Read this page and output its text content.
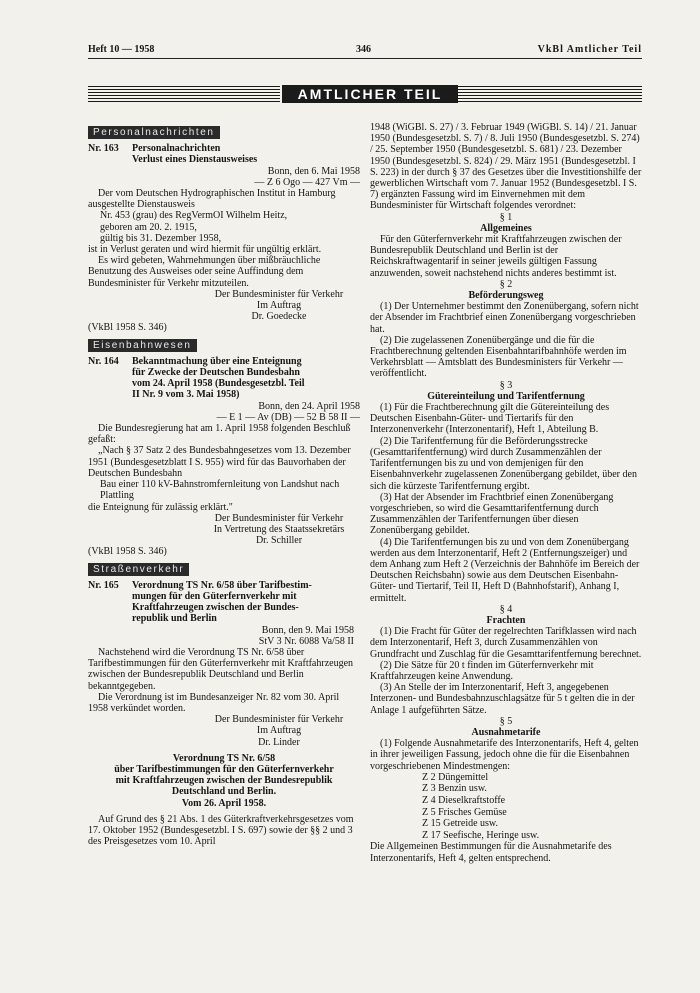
Heft 10 — 1958	346	VkBl Amtlicher Teil
AMTLICHER TEIL
Personalnachrichten
Nr. 163	Personalnachrichten
Verlust eines Dienstausweises
Bonn, den 6. Mai 1958
— Z 6 Ogo — 427 Vm —

Der vom Deutschen Hydrographischen Institut in Hamburg ausgestellte Dienstausweis

Nr. 453 (grau) des RegVermOI Wilhelm Heitz,

geboren am 20. 2. 1915,

gültig bis 31. Dezember 1958,

ist in Verlust geraten und wird hiermit für ungültig erklärt.

Es wird gebeten, Wahrnehmungen über mißbräuchliche Benutzung des Ausweises oder seine Auffindung dem Bundesminister für Verkehr mitzuteilen.

Der Bundesminister für Verkehr
Im Auftrag
Dr. Goedecke

(VkBl 1958 S. 346)

Eisenbahnwesen
Nr. 164	Bekanntmachung über eine Enteignung
für Zwecke der Deutschen Bundesbahn
vom 24. April 1958 (Bundesgesetzbl. Teil
II Nr. 9 vom 3. Mai 1958)
Bonn, den 24. April 1958
— E 1 — Av (DB) — 52 B 58 II —

Die Bundesregierung hat am 1. April 1958 folgenden Beschluß gefaßt:

„Nach § 37 Satz 2 des Bundesbahngesetzes vom 13. Dezember 1951 (Bundesgesetzblatt I S. 955) wird für das Bauvorhaben der Deutschen Bundesbahn

Bau einer 110 kV-Bahnstromfernleitung von Landshut nach Plattling

die Enteignung für zulässig erklärt."

Der Bundesminister für Verkehr
In Vertretung des Staatssekretärs
Dr. Schiller

(VkBl 1958 S. 346)

Straßenverkehr
Nr. 165	Verordnung TS Nr. 6/58 über Tarifbestim-
mungen für den Güterfernverkehr mit
Kraftfahrzeugen zwischen der Bundes-
republik und Berlin
Bonn, den 9. Mai 1958
StV 3 Nr. 6088 Va/58 II

Nachstehend wird die Verordnung TS Nr. 6/58 über Tarifbestimmungen für den Güterfernverkehr mit Kraftfahrzeugen zwischen der Bundesrepublik Deutschland und Berlin bekanntgegeben.

Die Verordnung ist im Bundesanzeiger Nr. 82 vom 30. April 1958 verkündet worden.

Der Bundesminister für Verkehr
Im Auftrag
Dr. Linder
Verordnung TS Nr. 6/58
über Tarifbestimmungen für den Güterfernverkehr
mit Kraftfahrzeugen zwischen der Bundesrepublik
Deutschland und Berlin.
Vom 26. April 1958.

Auf Grund des § 21 Abs. 1 des Güterkraftverkehrsgesetzes vom 17. Oktober 1952 (Bundesgesetzbl. I S. 697) sowie der §§ 2 und 3 des Preisgesetzes vom 10. April

1948 (WiGBl. S. 27) / 3. Februar 1949 (WiGBl. S. 14) / 21. Januar 1950 (Bundesgesetzbl. S. 7) / 8. Juli 1950 (Bundesgesetzbl. S. 274) / 25. September 1950 (Bundesgesetzbl. S. 681) / 23. Dezember 1950 (Bundesgesetzbl. S. 824) / 29. März 1951 (Bundesgesetzbl. I S. 223) in der durch § 37 des Gesetzes über die Investitionshilfe der gewerblichen Wirtschaft vom 7. Januar 1952 (Bundesgesetzbl. I S. 7) ergänzten Fassung wird im Einvernehmen mit dem Bundesminister für Wirtschaft folgendes verordnet:

§ 1
Allgemeines

Für den Güterfernverkehr mit Kraftfahrzeugen zwischen der Bundesrepublik Deutschland und Berlin ist der Reichskraftwagentarif in seiner jeweils gültigen Fassung anzuwenden, soweit nachstehend nichts anderes bestimmt ist.

§ 2
Beförderungsweg

(1) Der Unternehmer bestimmt den Zonenübergang, sofern nicht der Absender im Frachtbrief einen Zonenübergang vorgeschrieben hat.

(2) Die zugelassenen Zonenübergänge und die für die Frachtberechnung geltenden Eisenbahntarifbahnhöfe werden im Verkehrsblatt — Amtsblatt des Bundesministers für Verkehr — veröffentlicht.

§ 3
Gütereinteilung und Tarifentfernung

(1) Für die Frachtberechnung gilt die Gütereinteilung des Deutschen Eisenbahn-Güter- und Tiertarifs für den Interzonenverkehr (Interzonentarif), Heft 1, Abteilung B.

(2) Die Tarifentfernung für die Beförderungsstrecke (Gesamttarifentfernung) wird durch Zusammenzählen der Tarifentfernungen bis zu und von demjenigen für den Eisenbahnverkehr zugelassenen Zonenübergang gebildet, über den sich die kürzeste Tarifentfernung ergibt.

(3) Hat der Absender im Frachtbrief einen Zonenübergang vorgeschrieben, so wird die Gesamttarifentfernung durch Zusammenzählen der Tarifentfernungen über diesen Zonenübergang gebildet.

(4) Die Tarifentfernungen bis zu und von dem Zonenübergang werden aus dem Interzonentarif, Heft 2 (Entfernungszeiger) und dem Anhang zum Heft 2 (Verzeichnis der Bahnhöfe im Bereich der Deutschen Reichsbahn) sowie aus dem Deutschen Eisenbahn-Güter- und Tiertarif, Teil II, Heft D (Bahnhofstarif), Anhang I, ermittelt.

§ 4
Frachten

(1) Die Fracht für Güter der regelrechten Tarifklassen wird nach dem Interzonentarif, Heft 3, durch Zusammenzählen von Grundfracht und Zuschlag für die Gesamttarifentfernung berechnet.

(2) Die Sätze für 20 t finden im Güterfernverkehr mit Kraftfahrzeugen keine Anwendung.

(3) An Stelle der im Interzonentarif, Heft 3, angegebenen Interzonen- und Bundesbahnzuschlagsätze für 5 t gelten die in der Anlage 1 aufgeführten Sätze.

§ 5
Ausnahmetarife

(1) Folgende Ausnahmetarife des Interzonentarifs, Heft 4, gelten in ihrer jeweiligen Fassung, jedoch ohne die für die Eisenbahnen vorgeschriebenen Mindestmengen:

Z 2 Düngemittel
Z 3 Benzin usw.
Z 4 Dieselkraftstoffe
Z 5 Frisches Gemüse
Z 15 Getreide usw.
Z 17 Seefische, Heringe usw.

Die Allgemeinen Bestimmungen für die Ausnahmetarife des Interzonentarifs, Heft 4, gelten entsprechend.
